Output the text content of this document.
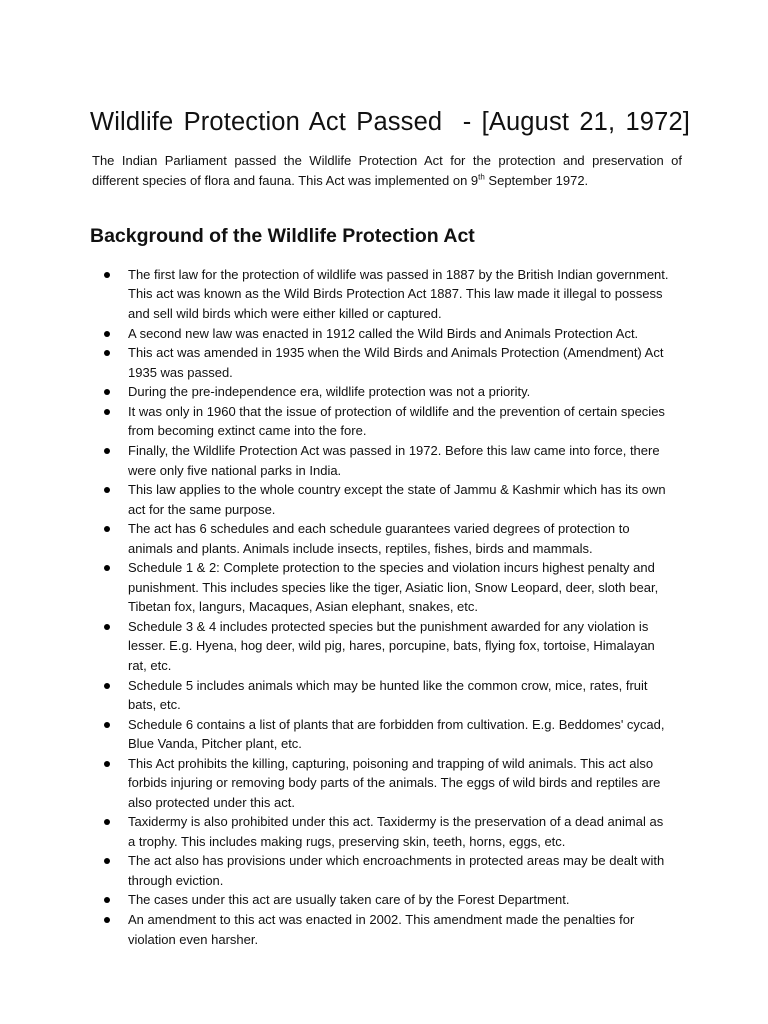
Wildlife Protection Act Passed  - [August 21, 1972]

The Indian Parliament passed the Wildlife Protection Act for the protection and preservation of different species of flora and fauna. This Act was implemented on 9th September 1972.

Background of the Wildlife Protection Act
The first law for the protection of wildlife was passed in 1887 by the British Indian government. This act was known as the Wild Birds Protection Act 1887. This law made it illegal to possess and sell wild birds which were either killed or captured.
A second new law was enacted in 1912 called the Wild Birds and Animals Protection Act.
This act was amended in 1935 when the Wild Birds and Animals Protection (Amendment) Act 1935 was passed.
During the pre-independence era, wildlife protection was not a priority.
It was only in 1960 that the issue of protection of wildlife and the prevention of certain species from becoming extinct came into the fore.
Finally, the Wildlife Protection Act was passed in 1972. Before this law came into force, there were only five national parks in India.
This law applies to the whole country except the state of Jammu & Kashmir which has its own act for the same purpose.
The act has 6 schedules and each schedule guarantees varied degrees of protection to animals and plants. Animals include insects, reptiles, fishes, birds and mammals.
Schedule 1 & 2: Complete protection to the species and violation incurs highest penalty and punishment. This includes species like the tiger, Asiatic lion, Snow Leopard, deer, sloth bear, Tibetan fox, langurs, Macaques, Asian elephant, snakes, etc.
Schedule 3 & 4 includes protected species but the punishment awarded for any violation is lesser. E.g. Hyena, hog deer, wild pig, hares, porcupine, bats, flying fox, tortoise, Himalayan rat, etc.
Schedule 5 includes animals which may be hunted like the common crow, mice, rates, fruit bats, etc.
Schedule 6 contains a list of plants that are forbidden from cultivation. E.g. Beddomes' cycad, Blue Vanda, Pitcher plant, etc.
This Act prohibits the killing, capturing, poisoning and trapping of wild animals. This act also forbids injuring or removing body parts of the animals. The eggs of wild birds and reptiles are also protected under this act.
Taxidermy is also prohibited under this act. Taxidermy is the preservation of a dead animal as a trophy. This includes making rugs, preserving skin, teeth, horns, eggs, etc.
The act also has provisions under which encroachments in protected areas may be dealt with through eviction.
The cases under this act are usually taken care of by the Forest Department.
An amendment to this act was enacted in 2002. This amendment made the penalties for violation even harsher.
